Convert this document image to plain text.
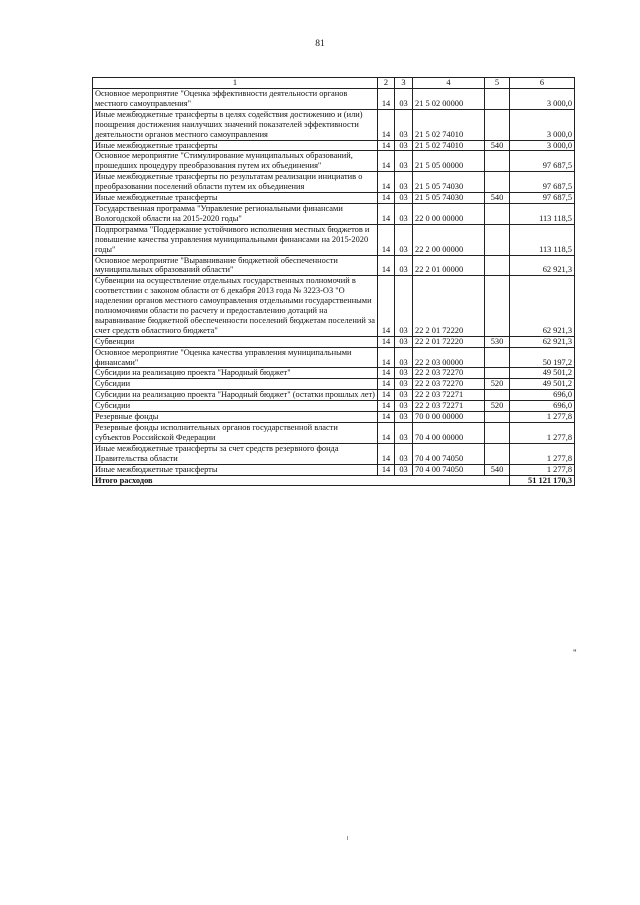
81
1	2	3	4	5	6
Основное мероприятие "Оценка эффективности деятельности органов местного самоуправления"	14	03	21 5 02 00000		3 000,0
Иные межбюджетные трансферты в целях содействия достижению и (или) поощрения достижения наилучших значений показателей эффективности деятельности органов местного самоуправления	14	03	21 5 02 74010		3 000,0
Иные межбюджетные трансферты	14	03	21 5 02 74010	540	3 000,0
Основное мероприятие "Стимулирование муниципальных образований, прошедших процедуру преобразования путем их объединения"	14	03	21 5 05 00000		97 687,5
Иные межбюджетные трансферты по результатам реализации инициатив о преобразовании поселений области путем их объединения	14	03	21 5 05 74030		97 687,5
Иные межбюджетные трансферты	14	03	21 5 05 74030	540	97 687,5
Государственная программа "Управление региональными финансами Вологодской области на 2015-2020 годы"	14	03	22 0 00 00000		113 118,5
Подпрограмма "Поддержание устойчивого исполнения местных бюджетов и повышение качества управления муниципальными финансами на 2015-2020 годы"	14	03	22 2 00 00000		113 118,5
Основное мероприятие "Выравнивание бюджетной обеспеченности муниципальных образований области"	14	03	22 2 01 00000		62 921,3
Субвенции на осуществление отдельных государственных полномочий в соответствии с законом области от 6 декабря 2013 года № 3223-ОЗ "О наделении органов местного самоуправления отдельными государственными полномочиями области по расчету и предоставлению дотаций на выравнивание бюджетной обеспеченности поселений бюджетам поселений за счет средств областного бюджета"	14	03	22 2 01 72220		62 921,3
Субвенции	14	03	22 2 01 72220	530	62 921,3
Основное мероприятие "Оценка качества управления муниципальными финансами"	14	03	22 2 03 00000		50 197,2
Субсидии на реализацию проекта "Народный бюджет"	14	03	22 2 03 72270		49 501,2
Субсидии	14	03	22 2 03 72270	520	49 501,2
Субсидии на реализацию проекта "Народный бюджет" (остатки прошлых лет)	14	03	22 2 03 72271		696,0
Субсидии	14	03	22 2 03 72271	520	696,0
Резервные фонды	14	03	70 0 00 00000		1 277,8
Резервные фонды исполнительных органов государственной власти субъектов Российской Федерации	14	03	70 4 00 00000		1 277,8
Иные межбюджетные трансферты за счет средств резервного фонда Правительства области	14	03	70 4 00 74050		1 277,8
Иные межбюджетные трансферты	14	03	70 4 00 74050	540	1 277,8
Итого расходов					51 121 170,3
"
